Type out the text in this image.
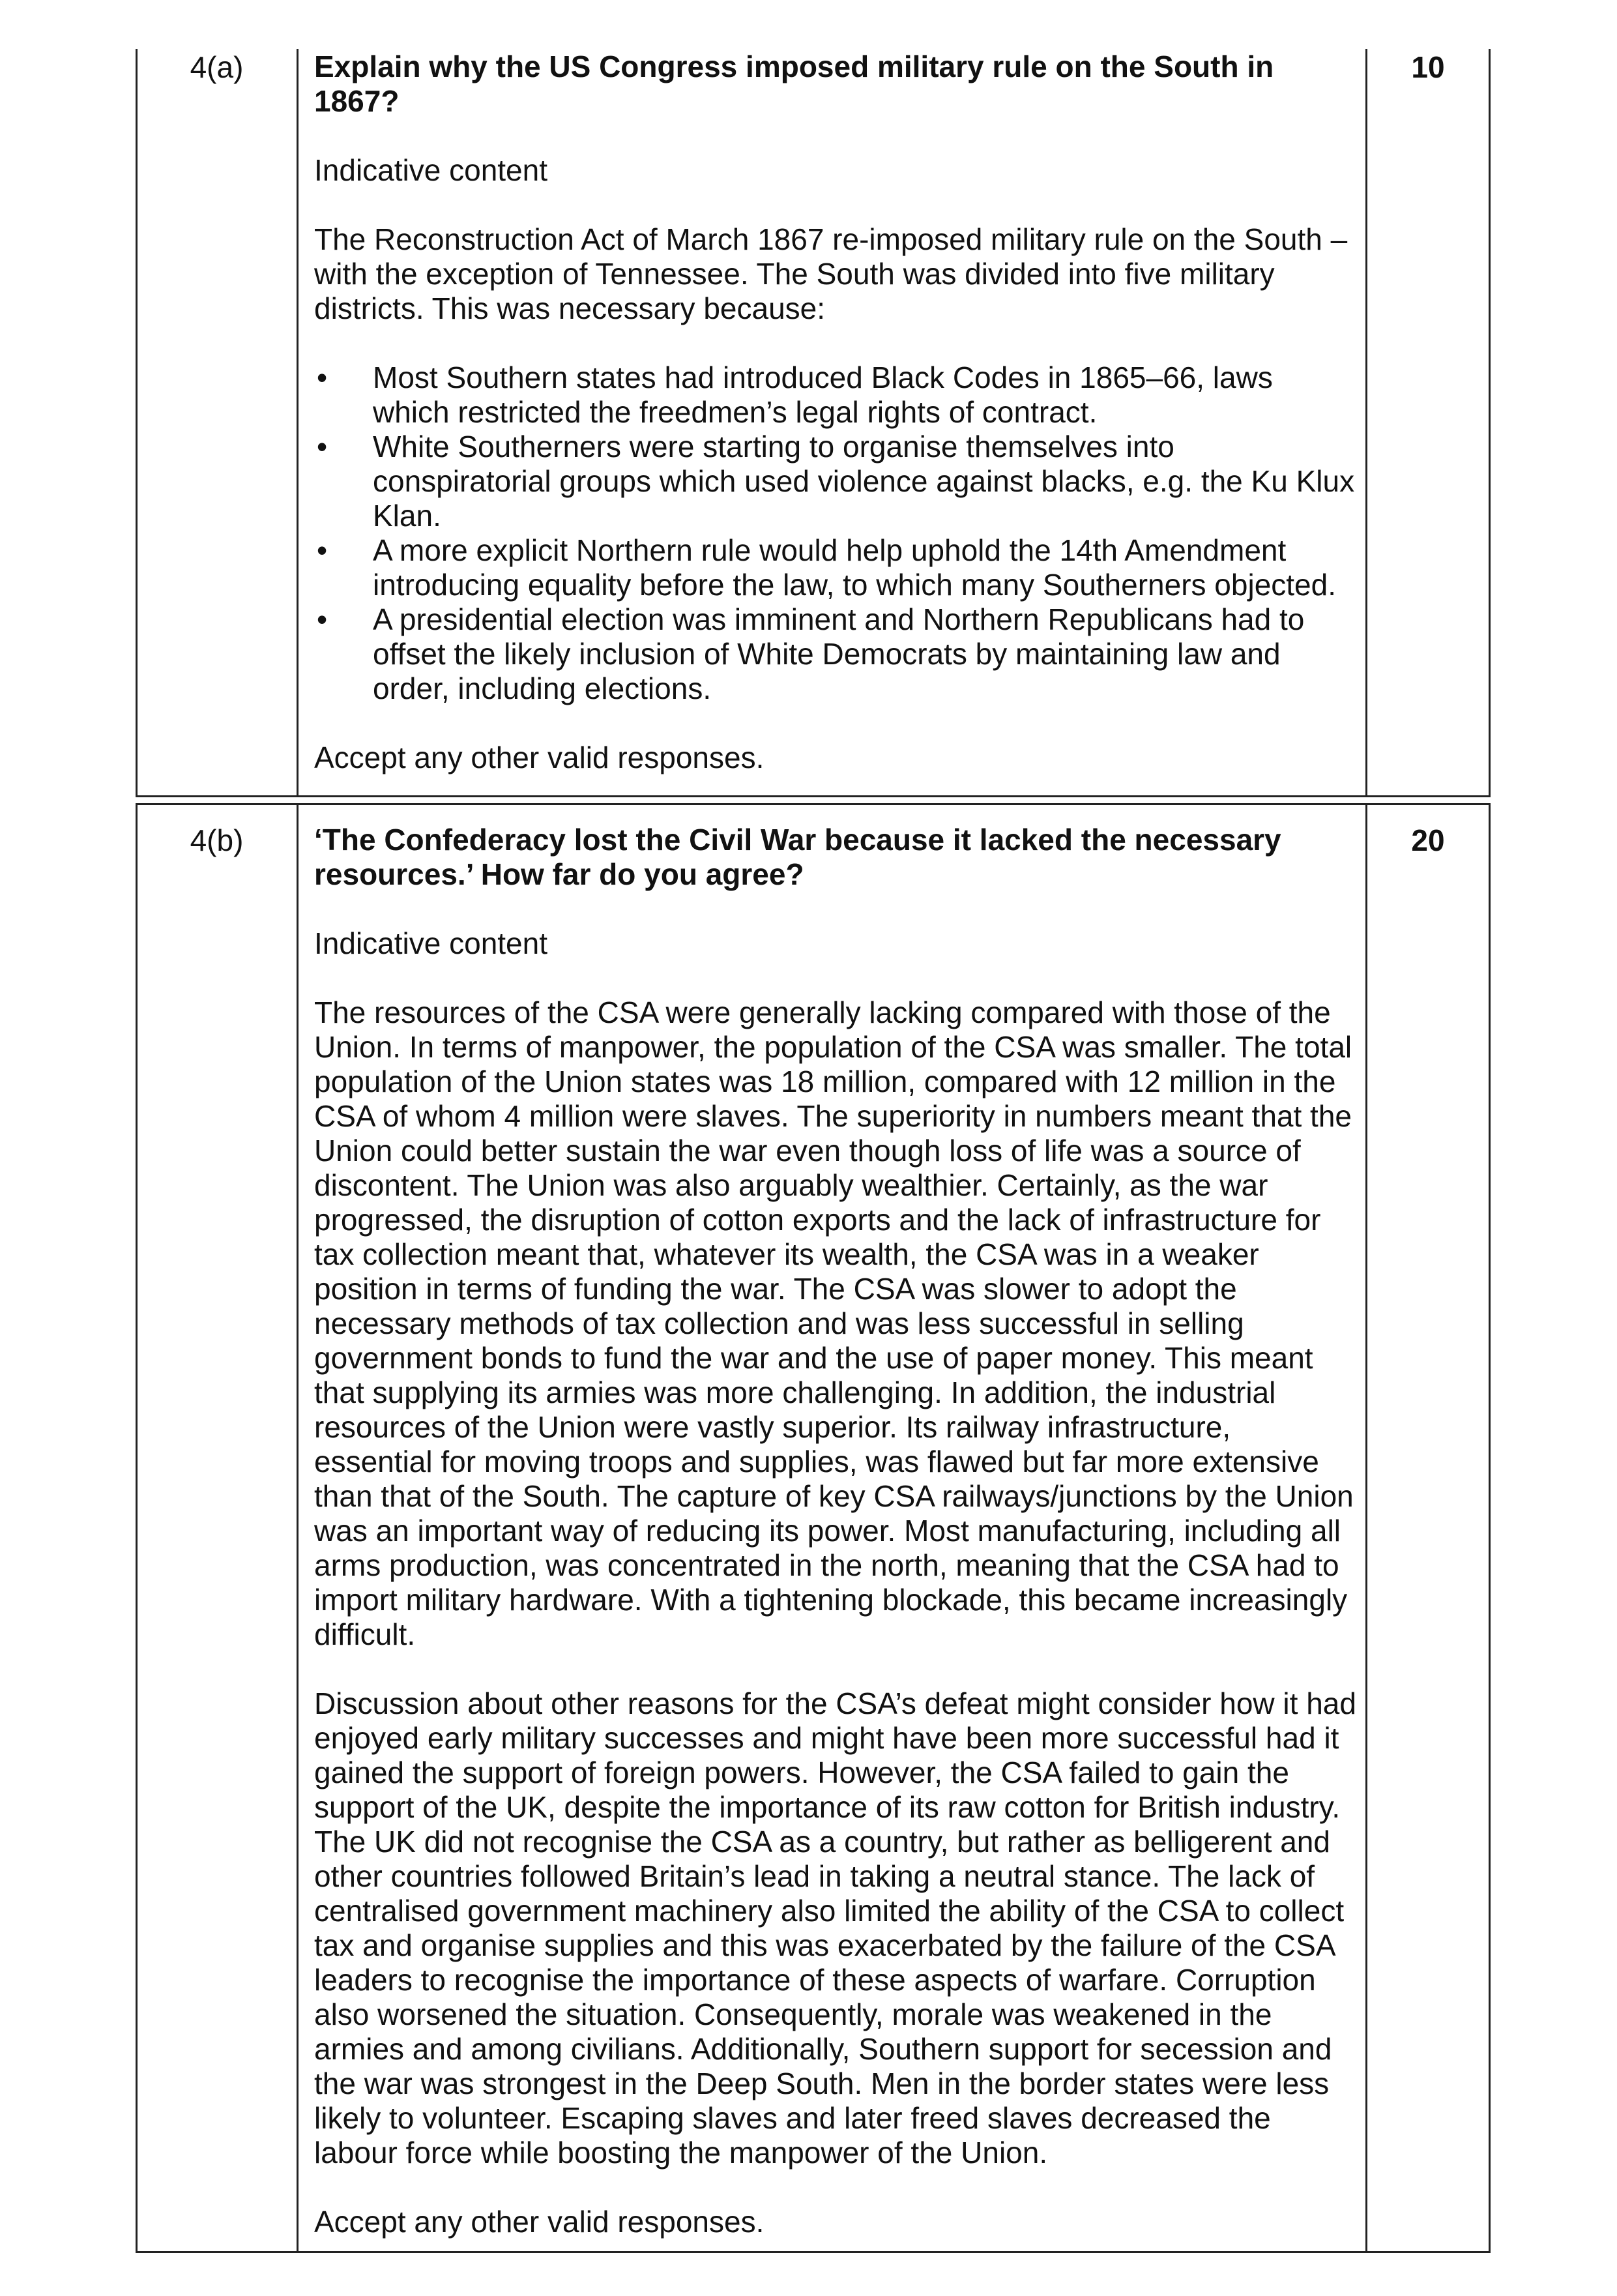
4(a)	10

Explain why the US Congress imposed military rule on the South in 1867?

Indicative content

The Reconstruction Act of March 1867 re-imposed military rule on the South – with the exception of Tennessee. The South was divided into five military districts. This was necessary because:

• Most Southern states had introduced Black Codes in 1865–66, laws which restricted the freedmen’s legal rights of contract.
• White Southerners were starting to organise themselves into conspiratorial groups which used violence against blacks, e.g. the Ku Klux Klan.
• A more explicit Northern rule would help uphold the 14th Amendment introducing equality before the law, to which many Southerners objected.
• A presidential election was imminent and Northern Republicans had to offset the likely inclusion of White Democrats by maintaining law and order, including elections.

Accept any other valid responses.

4(b)	20

‘The Confederacy lost the Civil War because it lacked the necessary resources.’ How far do you agree?

Indicative content

The resources of the CSA were generally lacking compared with those of the Union. In terms of manpower, the population of the CSA was smaller. The total population of the Union states was 18 million, compared with 12 million in the CSA of whom 4 million were slaves. The superiority in numbers meant that the Union could better sustain the war even though loss of life was a source of discontent. The Union was also arguably wealthier. Certainly, as the war progressed, the disruption of cotton exports and the lack of infrastructure for tax collection meant that, whatever its wealth, the CSA was in a weaker position in terms of funding the war. The CSA was slower to adopt the necessary methods of tax collection and was less successful in selling government bonds to fund the war and the use of paper money. This meant that supplying its armies was more challenging. In addition, the industrial resources of the Union were vastly superior. Its railway infrastructure, essential for moving troops and supplies, was flawed but far more extensive than that of the South. The capture of key CSA railways/junctions by the Union was an important way of reducing its power. Most manufacturing, including all arms production, was concentrated in the north, meaning that the CSA had to import military hardware. With a tightening blockade, this became increasingly difficult.

Discussion about other reasons for the CSA’s defeat might consider how it had enjoyed early military successes and might have been more successful had it gained the support of foreign powers. However, the CSA failed to gain the support of the UK, despite the importance of its raw cotton for British industry. The UK did not recognise the CSA as a country, but rather as belligerent and other countries followed Britain’s lead in taking a neutral stance. The lack of centralised government machinery also limited the ability of the CSA to collect tax and organise supplies and this was exacerbated by the failure of the CSA leaders to recognise the importance of these aspects of warfare. Corruption also worsened the situation. Consequently, morale was weakened in the armies and among civilians. Additionally, Southern support for secession and the war was strongest in the Deep South. Men in the border states were less likely to volunteer. Escaping slaves and later freed slaves decreased the labour force while boosting the manpower of the Union.

Accept any other valid responses.
